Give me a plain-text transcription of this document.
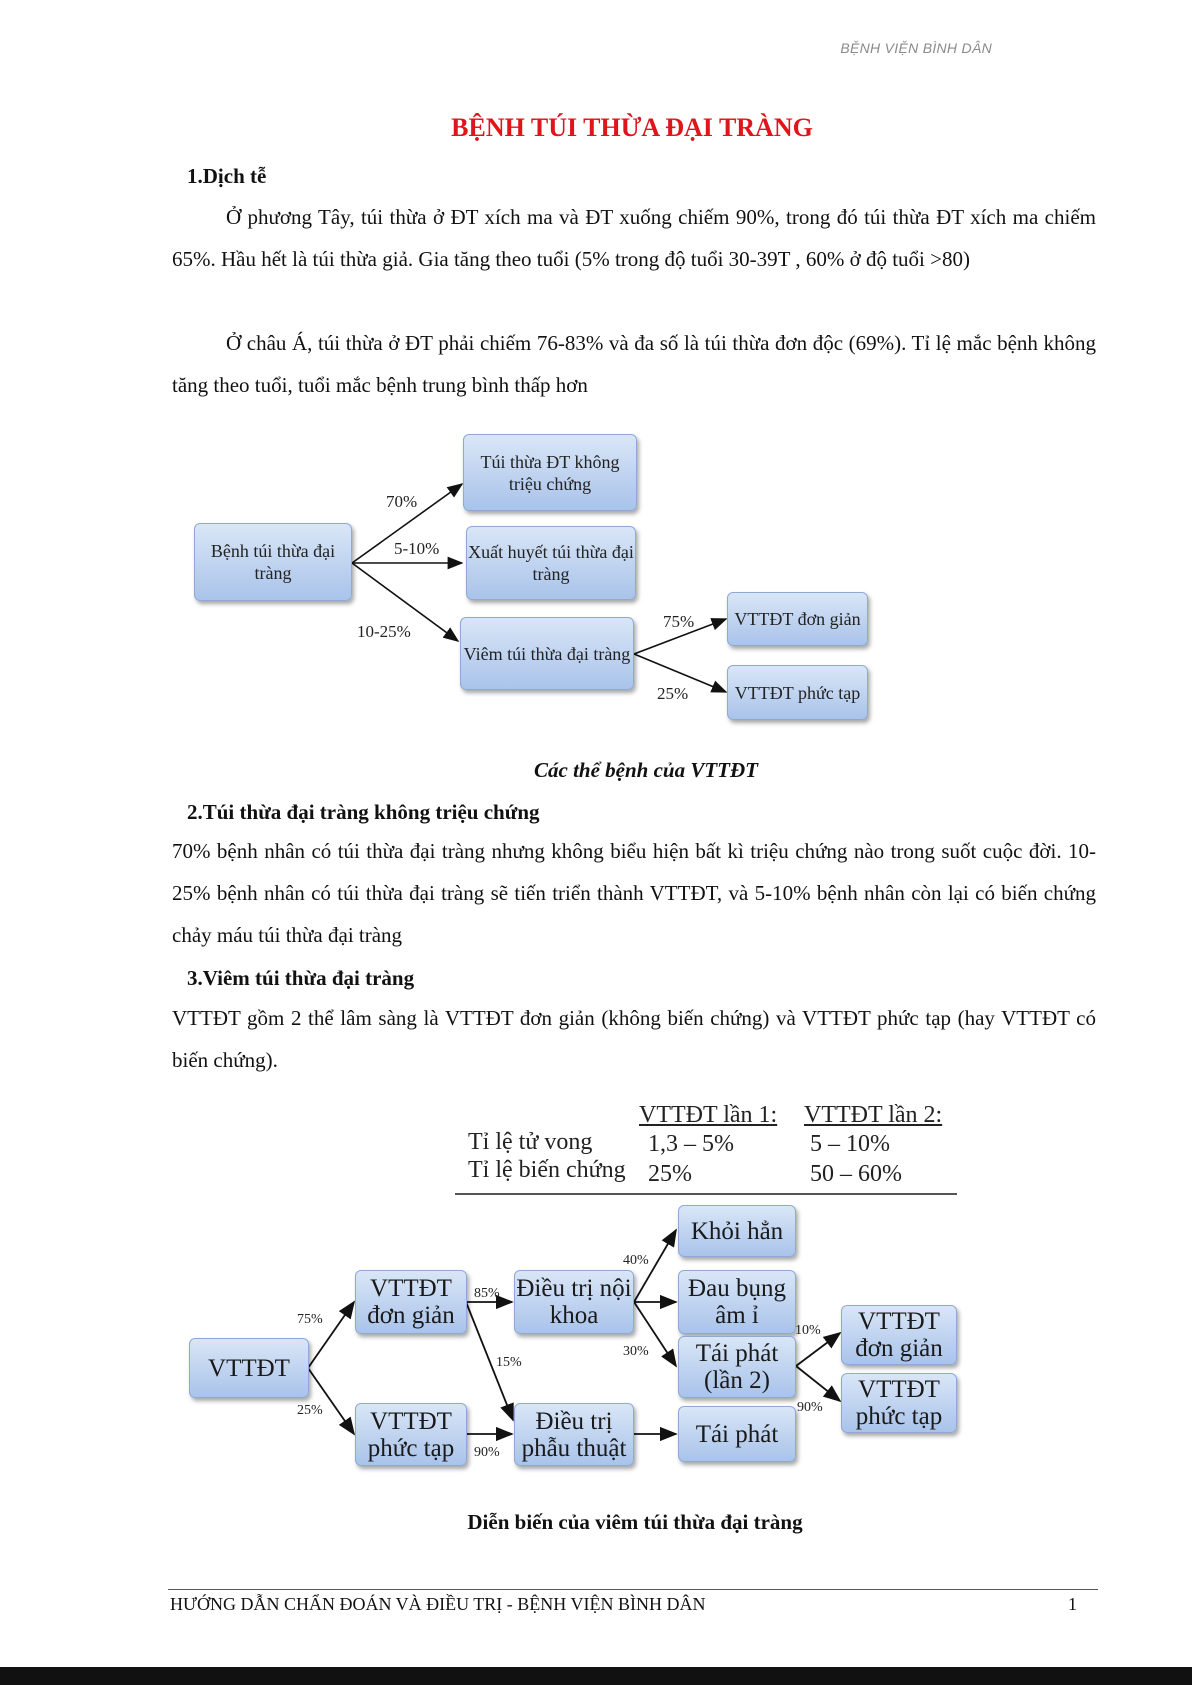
BỆNH VIỆN BÌNH DÂN
BỆNH TÚI THỪA ĐẠI TRÀNG
1.Dịch tễ
Ở phương Tây, túi thừa ở ĐT xích ma và ĐT xuống chiếm 90%, trong đó túi thừa ĐT xích ma chiếm 65%. Hầu hết là túi thừa giả. Gia tăng theo tuổi (5% trong độ tuổi 30-39T , 60% ở độ tuổi >80)
Ở châu Á, túi thừa ở ĐT phải chiếm 76-83% và đa số là túi thừa đơn độc (69%). Tỉ lệ mắc bệnh không tăng theo tuổi, tuổi mắc bệnh trung bình thấp hơn
Bệnh túi thừa đại tràng
Túi thừa ĐT không triệu chứng
Xuất huyết túi thừa đại tràng
Viêm túi thừa đại tràng
VTTĐT đơn giản
VTTĐT phức tạp
70%
5-10%
10-25%
75%
25%
Các thể bệnh của VTTĐT
2.Túi thừa đại tràng không triệu chứng
70% bệnh nhân có túi thừa đại tràng nhưng không biểu hiện bất kì triệu chứng nào trong suốt cuộc đời. 10-25% bệnh nhân có túi thừa đại tràng sẽ tiến triển thành VTTĐT, và 5-10% bệnh nhân còn lại có biến chứng chảy máu túi thừa đại tràng
3.Viêm túi thừa đại tràng
VTTĐT gồm 2 thể lâm sàng là VTTĐT đơn giản (không biến chứng) và VTTĐT phức tạp (hay VTTĐT có biến chứng).
VTTĐT lần 1: VTTĐT lần 2:
Tỉ lệ tử vong 1,3 – 5%	5 – 10%
Tỉ lệ biến chứng 25%	50 – 60%
VTTĐT
VTTĐT đơn giản
VTTĐT phức tạp
Điều trị nội khoa
Điều trị phẫu thuật
Khỏi hẳn
Đau bụng âm ỉ
Tái phát (lần 2)
Tái phát
VTTĐT đơn giản
VTTĐT phức tạp
75%
25%
85%
15%
90%
40%
30%
10%
90%
Diễn biến của viêm túi thừa đại tràng
HƯỚNG DẪN CHẨN ĐOÁN VÀ ĐIỀU TRỊ - BỆNH VIỆN BÌNH DÂN	1
